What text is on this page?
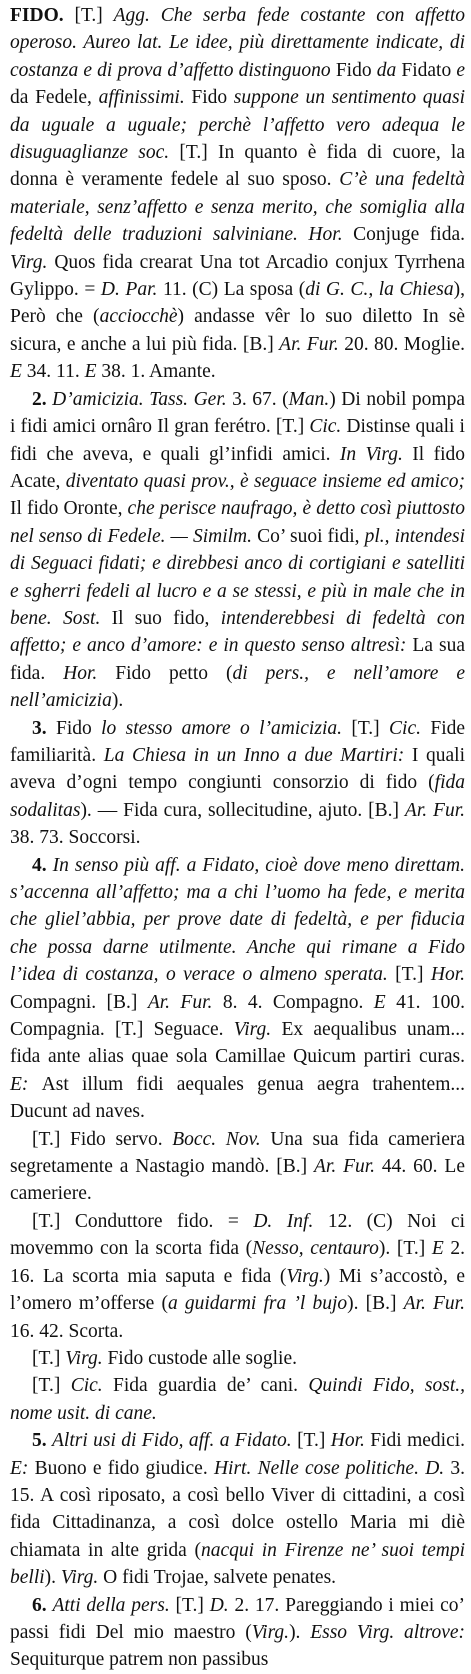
FIDO. [T.] Agg. Che serba fede costante con affetto operoso. Aureo lat. Le idee, più direttamente indicate, di costanza e di prova d’affetto distinguono Fido da Fidato e da Fedele, affinissimi. Fido suppone un sentimento quasi da uguale a uguale; perchè l’affetto vero adequa le disuguaglianze soc. [T.] In quanto è fida di cuore, la donna è veramente fedele al suo sposo. C’è una fedeltà materiale, senz’affetto e senza merito, che somiglia alla fedeltà delle traduzioni salviniane. Hor. Conjuge fida. Virg. Quos fida crearat Una tot Arcadio conjux Tyrrhena Gylippo. = D. Par. 11. (C) La sposa (di G. C., la Chiesa), Però che (acciocchè) andasse vêr lo suo diletto In sè sicura, e anche a lui più fida. [B.] Ar. Fur. 20. 80. Moglie. E 34. 11. E 38. 1. Amante.

2. D’amicizia. Tass. Ger. 3. 67. (Man.) Di nobil pompa i fidi amici ornâro Il gran ferétro. [T.] Cic. Distinse quali i fidi che aveva, e quali gl’infidi amici. In Virg. Il fido Acate, diventato quasi prov., è seguace insieme ed amico; Il fido Oronte, che perisce naufrago, è detto così piuttosto nel senso di Fedele. — Similm. Co’ suoi fidi, pl., intendesi di Seguaci fidati; e direbbesi anco di cortigiani e satelliti e sgherri fedeli al lucro e a se stessi, e più in male che in bene. Sost. Il suo fido, intenderebbesi di fedeltà con affetto; e anco d’amore: e in questo senso altresì: La sua fida. Hor. Fido petto (di pers., e nell’amore e nell’amicizia).

3. Fido lo stesso amore o l’amicizia. [T.] Cic. Fide familiarità. La Chiesa in un Inno a due Martiri: I quali aveva d’ogni tempo congiunti consorzio di fido (fida sodalitas). — Fida cura, sollecitudine, ajuto. [B.] Ar. Fur. 38. 73. Soccorsi.

4. In senso più aff. a Fidato, cioè dove meno direttam. s’accenna all’affetto; ma a chi l’uomo ha fede, e merita che gliel’abbia, per prove date di fedeltà, e per fiducia che possa darne utilmente. Anche qui rimane a Fido l’idea di costanza, o verace o almeno sperata. [T.] Hor. Compagni. [B.] Ar. Fur. 8. 4. Compagno. E 41. 100. Compagnia. [T.] Seguace. Virg. Ex aequalibus unam... fida ante alias quae sola Camillae Quicum partiri curas. E: Ast illum fidi aequales genua aegra trahentem... Ducunt ad naves.

[T.] Fido servo. Bocc. Nov. Una sua fida cameriera segretamente a Nastagio mandò. [B.] Ar. Fur. 44. 60. Le cameriere.

[T.] Conduttore fido. = D. Inf. 12. (C) Noi ci movemmo con la scorta fida (Nesso, centauro). [T.] E 2. 16. La scorta mia saputa e fida (Virg.) Mi s’accostò, e l’omero m’offerse (a guidarmi fra ’l bujo). [B.] Ar. Fur. 16. 42. Scorta.

[T.] Virg. Fido custode alle soglie.

[T.] Cic. Fida guardia de’ cani. Quindi Fido, sost., nome usit. di cane.

5. Altri usi di Fido, aff. a Fidato. [T.] Hor. Fidi medici. E: Buono e fido giudice. Hirt. Nelle cose politiche. D. 3. 15. A così riposato, a così bello Viver di cittadini, a così fida Cittadinanza, a così dolce ostello Maria mi diè chiamata in alte grida (nacqui in Firenze ne’ suoi tempi belli). Virg. O fidi Trojae, salvete penates.

6. Atti della pers. [T.] D. 2. 17. Pareggiando i miei co’ passi fidi Del mio maestro (Virg.). Esso Virg. altrove: Sequiturque patrem non passibus
